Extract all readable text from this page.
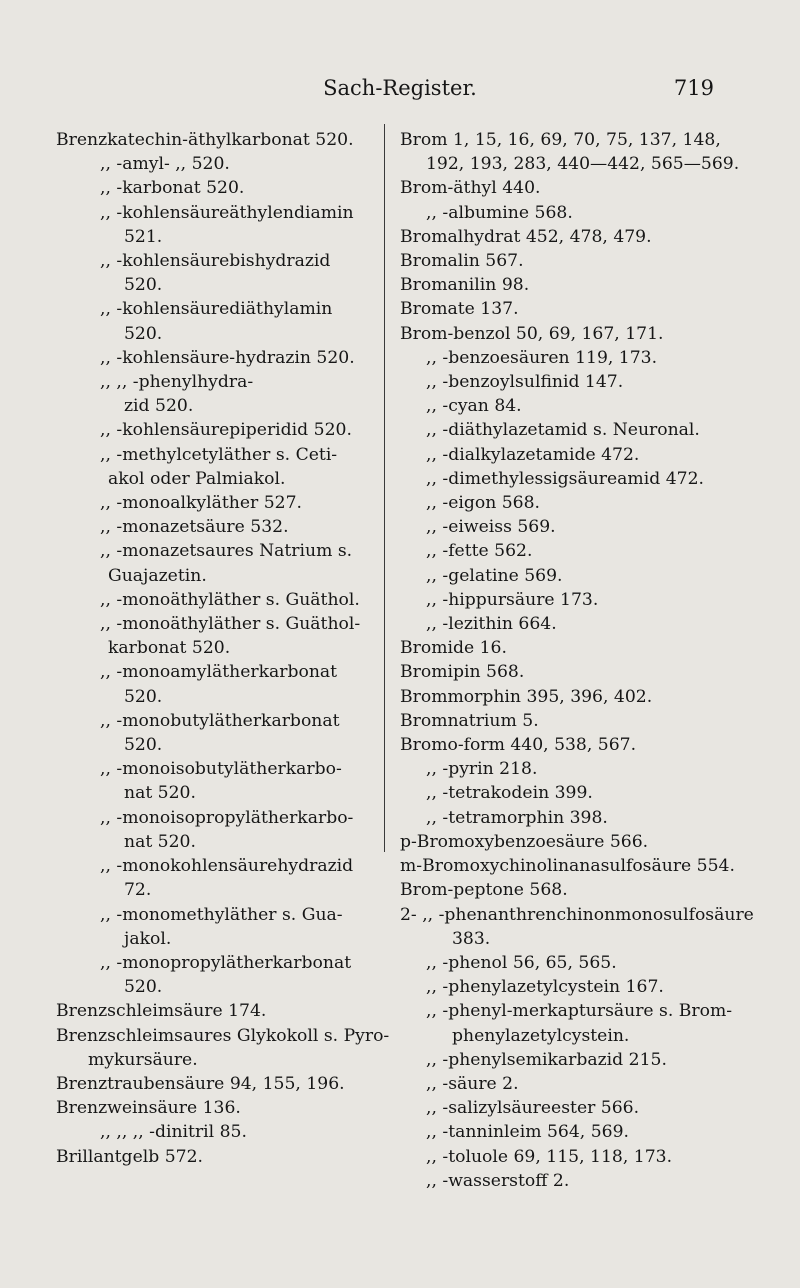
Sach-Register.	719
Brenzkatechin-äthylkarbonat 520.
,, -amyl- ,, 520.
,, -karbonat 520.
,, -kohlensäureäthylendiamin
521.
,, -kohlensäurebishydrazid
520.
,, -kohlensäurediäthylamin
520.
,, -kohlensäure-hydrazin 520.
,, ,, -phenylhydra-
zid 520.
,, -kohlensäurepiperidid 520.
,, -methylcetyläther s. Ceti-
akol oder Palmiakol.
,, -monoalkyläther 527.
,, -monazetsäure 532.
,, -monazetsaures Natrium s.
Guajazetin.
,, -monoäthyläther s. Guäthol.
,, -monoäthyläther s. Guäthol-
karbonat 520.
,, -monoamylätherkarbonat
520.
,, -monobutylätherkarbonat
520.
,, -monoisobutylätherkarbo-
nat 520.
,, -monoisopropylätherkarbo-
nat 520.
,, -monokohlensäurehydrazid
72.
,, -monomethyläther s. Gua-
jakol.
,, -monopropylätherkarbonat
520.
Brenzschleimsäure 174.
Brenzschleimsaures Glykokoll s. Pyro-
mykursäure.
Brenztraubensäure 94, 155, 196.
Brenzweinsäure 136.
,, ,, ,, -dinitril 85.
Brillantgelb 572.
Brom 1, 15, 16, 69, 70, 75, 137, 148,
192, 193, 283, 440—442, 565—569.
Brom-äthyl 440.
,, -albumine 568.
Bromalhydrat 452, 478, 479.
Bromalin 567.
Bromanilin 98.
Bromate 137.
Brom-benzol 50, 69, 167, 171.
,, -benzoesäuren 119, 173.
,, -benzoylsulfinid 147.
,, -cyan 84.
,, -diäthylazetamid s. Neuronal.
,, -dialkylazetamide 472.
,, -dimethylessigsäureamid 472.
,, -eigon 568.
,, -eiweiss 569.
,, -fette 562.
,, -gelatine 569.
,, -hippursäure 173.
,, -lezithin 664.
Bromide 16.
Bromipin 568.
Brommorphin 395, 396, 402.
Bromnatrium 5.
Bromo-form 440, 538, 567.
,, -pyrin 218.
,, -tetrakodein 399.
,, -tetramorphin 398.
p-Bromoxybenzoesäure 566.
m-Bromoxychinolinanasulfosäure 554.
Brom-peptone 568.
2- ,, -phenanthrenchinonmonosulfosäure
383.
,, -phenol 56, 65, 565.
,, -phenylazetylcystein 167.
,, -phenyl-merkaptursäure s. Brom-
phenylazetylcystein.
,, -phenylsemikarbazid 215.
,, -säure 2.
,, -salizylsäureester 566.
,, -tanninleim 564, 569.
,, -toluole 69, 115, 118, 173.
,, -wasserstoff 2.
